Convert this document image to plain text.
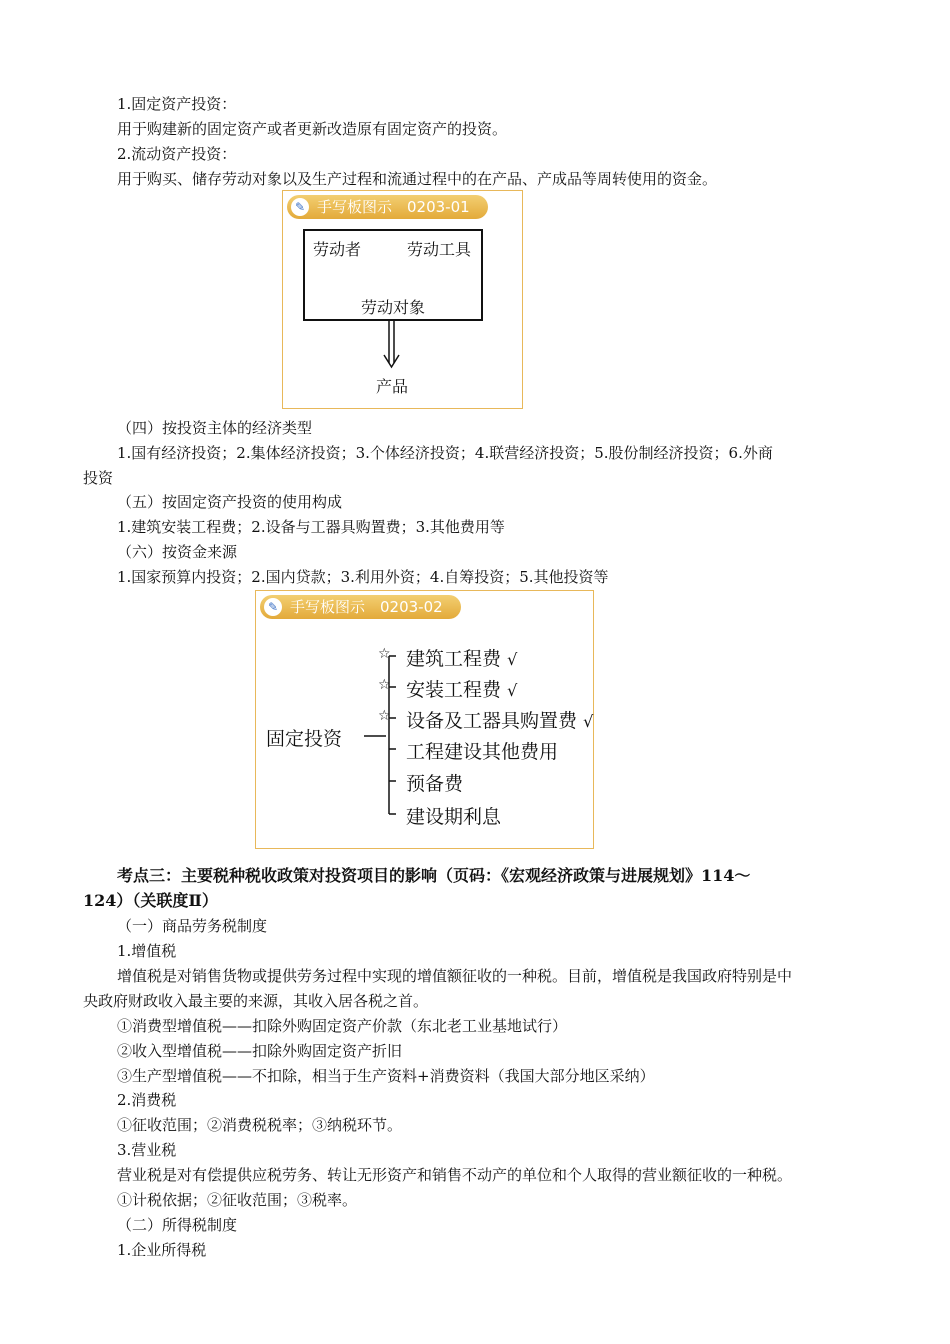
1.固定资产投资：
用于购建新的固定资产或者更新改造原有固定资产的投资。
2.流动资产投资：
用于购买、储存劳动对象以及生产过程和流通过程中的在产品、产成品等周转使用的资金。
✎ 手写板图示　0203-01
劳动者	劳动工具
劳动对象
产品
（四）按投资主体的经济类型
1.国有经济投资；2.集体经济投资；3.个体经济投资；4.联营经济投资；5.股份制经济投资；6.外商
投资
（五）按固定资产投资的使用构成
1.建筑安装工程费；2.设备与工器具购置费；3.其他费用等
（六）按资金来源
1.国家预算内投资；2.国内贷款；3.利用外资；4.自筹投资；5.其他投资等
✎ 手写板图示　0203-02
固定投资
☆
☆
☆
建筑工程费 √
安装工程费 √
设备及工器具购置费 √
工程建设其他费用
预备费
建设期利息
考点三：主要税种税收政策对投资项目的影响（页码：《宏观经济政策与进展规划》114～
124）（关联度Ⅱ）
（一）商品劳务税制度
1.增值税
增值税是对销售货物或提供劳务过程中实现的增值额征收的一种税。目前，增值税是我国政府特别是中
央政府财政收入最主要的来源，其收入居各税之首。
①消费型增值税——扣除外购固定资产价款（东北老工业基地试行）
②收入型增值税——扣除外购固定资产折旧
③生产型增值税——不扣除，相当于生产资料+消费资料（我国大部分地区采纳）
2.消费税
①征收范围；②消费税税率；③纳税环节。
3.营业税
营业税是对有偿提供应税劳务、转让无形资产和销售不动产的单位和个人取得的营业额征收的一种税。
①计税依据；②征收范围；③税率。
（二）所得税制度
1.企业所得税
